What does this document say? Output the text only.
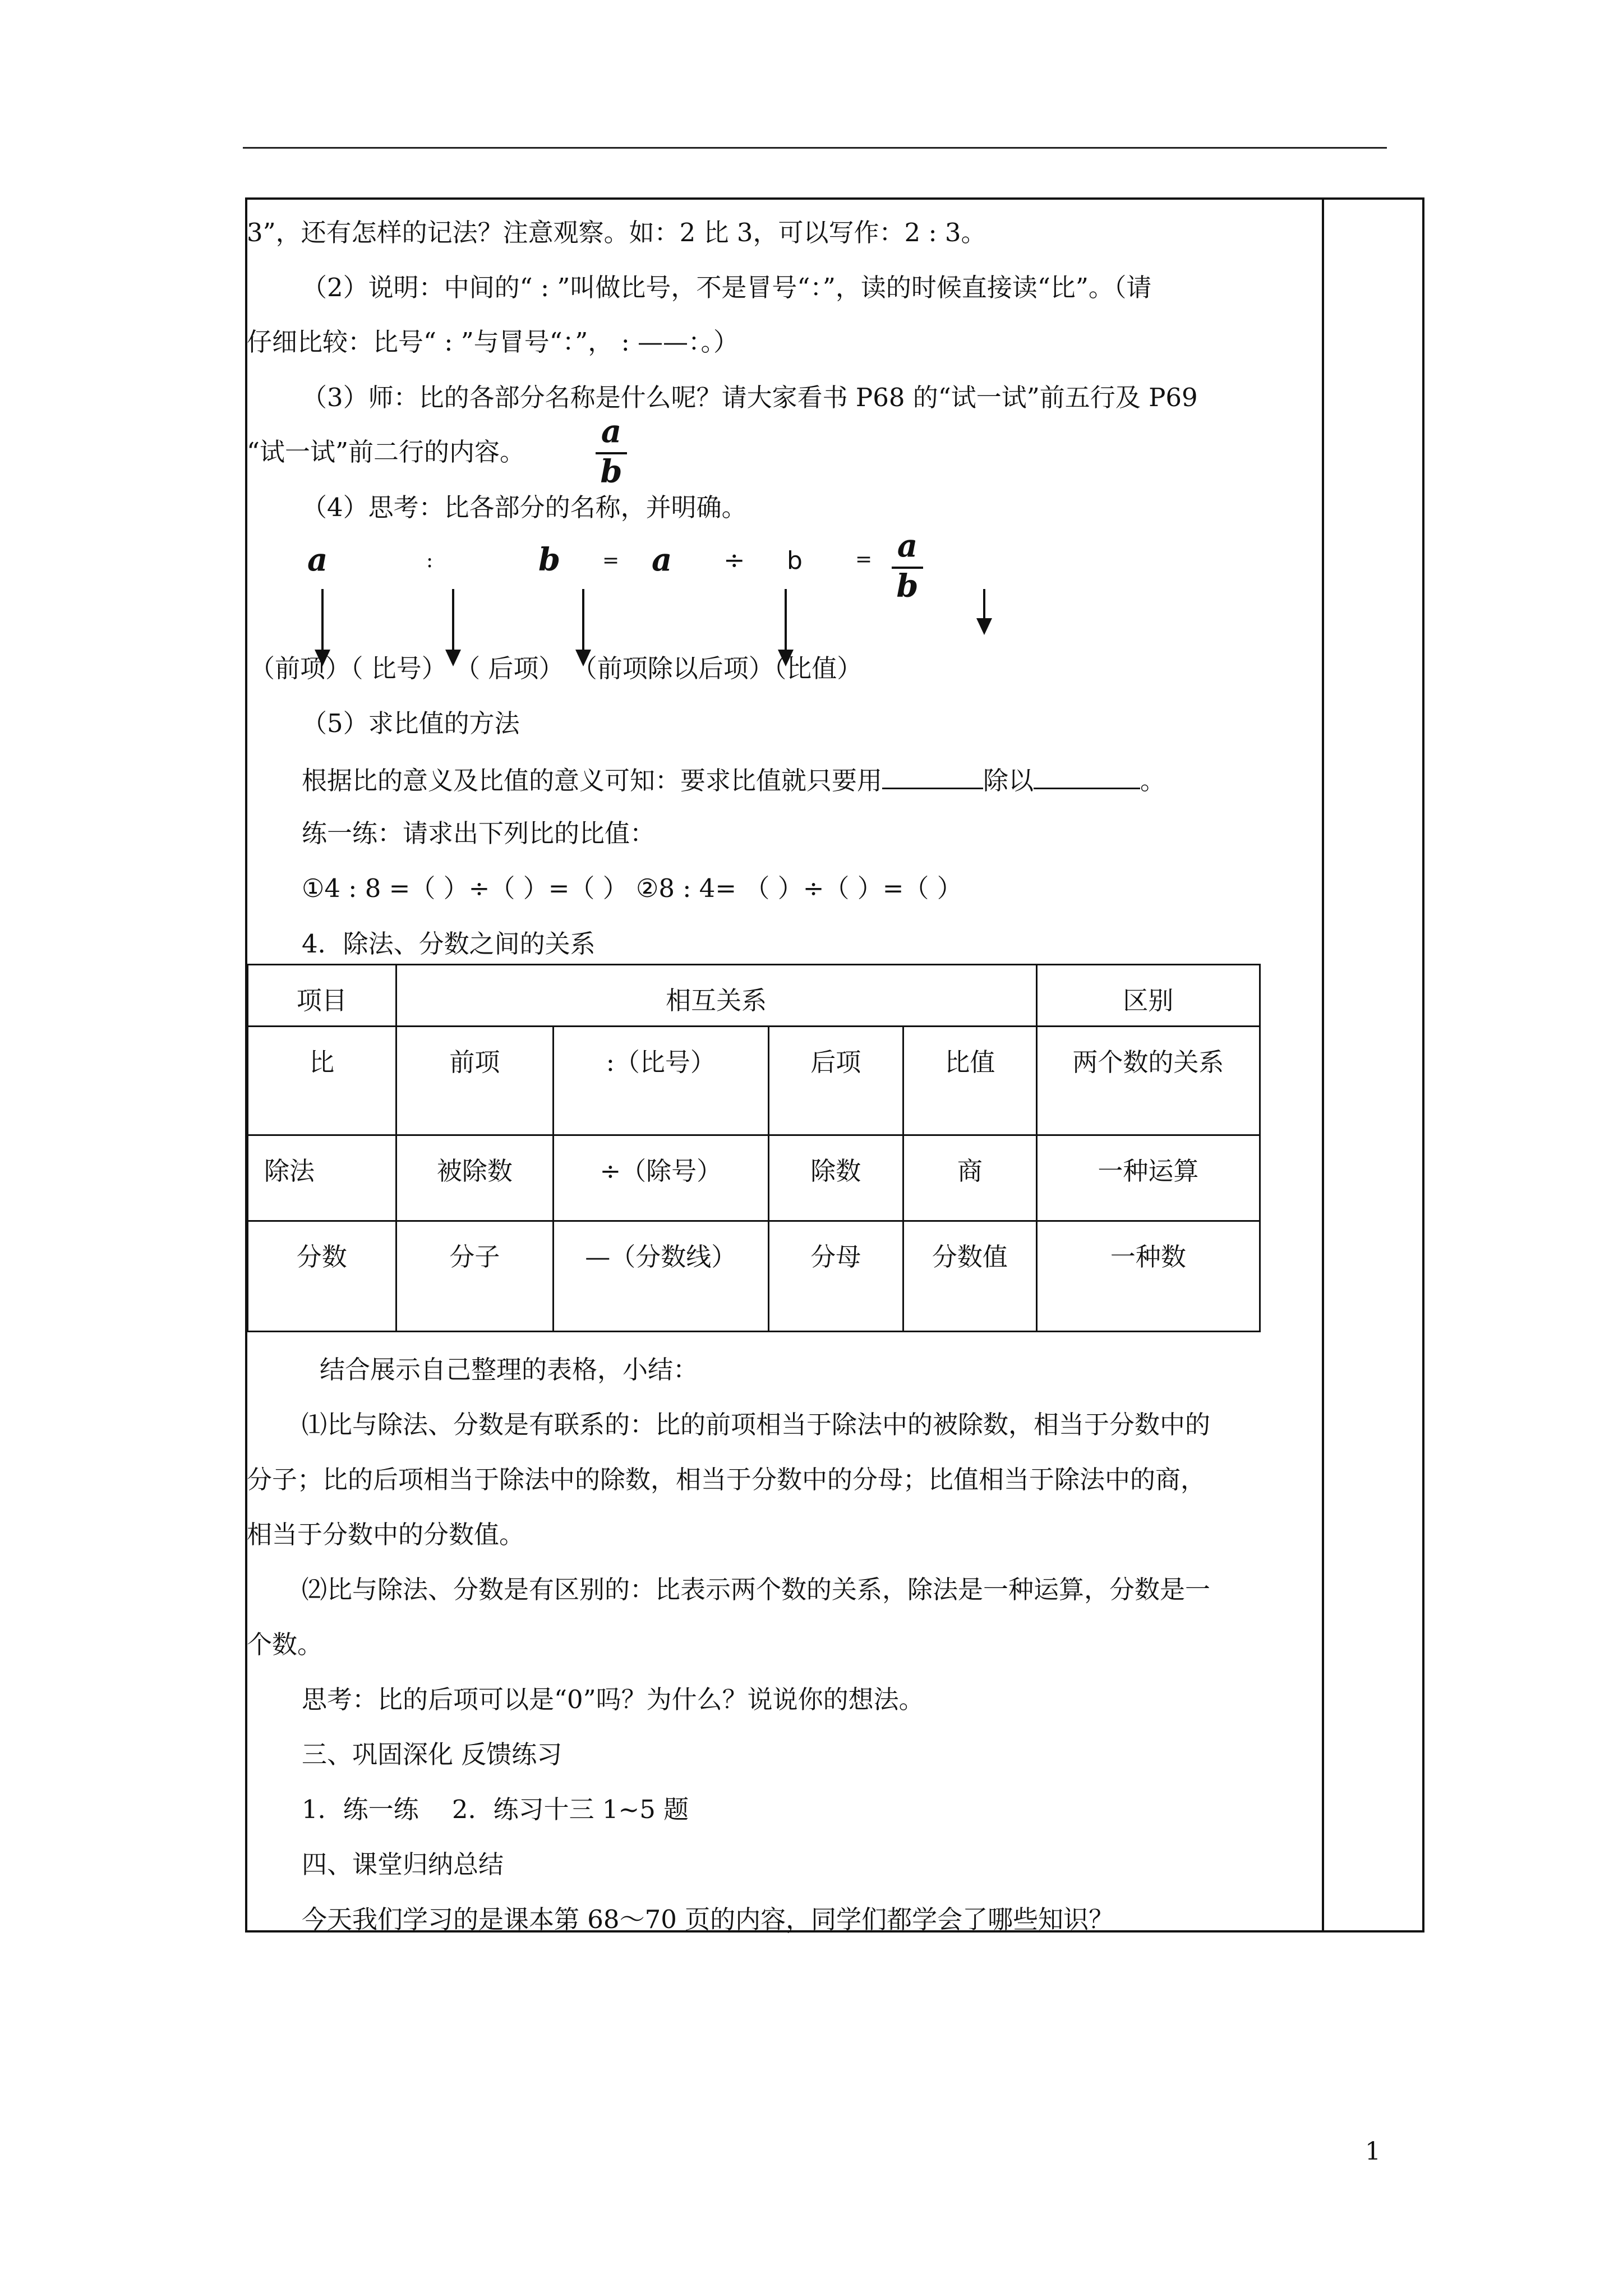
3”，还有怎样的记法？注意观察。如：2 比 3，可以写作：2 : 3。
（2）说明：中间的“ : ”叫做比号，不是冒号“：”，读的时候直接读“比”。（请
仔细比较：比号“ : ”与冒号“：”， : ——：。）
（3）师：比的各部分名称是什么呢？请大家看书 P68 的“试一试”前五行及 P69
“试一试”前二行的内容。
a
b
（4）思考：比各部分的名称，并明确。
a	:	b = a ÷ b	= a
b
（前项）（ 比号） （ 后项） （前项除以后项）（比值）
（5）求比值的方法
根据比的意义及比值的意义可知：要求比值就只要用	除以	。
练一练：请求出下列比的比值：
①4 : 8 =（ ）÷（ ）=（ ） ②8 : 4= （ ）÷（ ）=（ ）
4．除法、分数之间的关系
项目	相互关系				区别
比	前项	:（比号）	后项	比值	两个数的关系
除法	被除数	÷（除号）	除数	商	一种运算
分数	分子	—（分数线）	分母	分数值	一种数
结合展示自己整理的表格，小结：
⑴比与除法、分数是有联系的：比的前项相当于除法中的被除数，相当于分数中的
分子；比的后项相当于除法中的除数，相当于分数中的分母；比值相当于除法中的商，
相当于分数中的分数值。
⑵比与除法、分数是有区别的：比表示两个数的关系，除法是一种运算，分数是一
个数。
思考：比的后项可以是“0”吗？为什么？说说你的想法。
三、巩固深化 反馈练习
1．练一练　 2．练习十三 1~5 题
四、课堂归纳总结
今天我们学习的是课本第 68～70 页的内容，同学们都学会了哪些知识？
1
